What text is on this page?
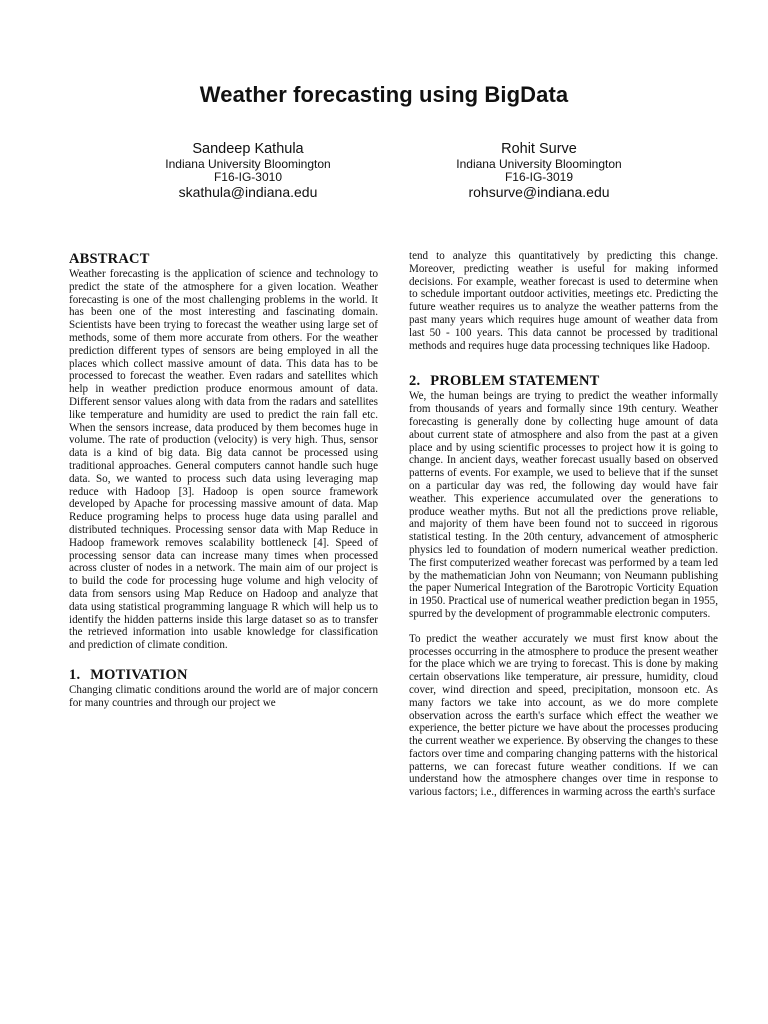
Weather forecasting using BigData
Sandeep Kathula
Indiana University Bloomington
F16-IG-3010
skathula@indiana.edu
Rohit Surve
Indiana University Bloomington
F16-IG-3019
rohsurve@indiana.edu
ABSTRACT

Weather forecasting is the application of science and technology to predict the state of the atmosphere for a given location. Weather forecasting is one of the most challenging problems in the world. It has been one of the most interesting and fascinating domain. Scientists have been trying to forecast the weather using large set of methods, some of them more accurate from others. For the weather prediction different types of sensors are being employed in all the places which collect massive amount of data. This data has to be processed to forecast the weather. Even radars and satellites which help in weather prediction produce enormous amount of data. Different sensor values along with data from the radars and satellites like temperature and humidity are used to predict the rain fall etc. When the sensors increase, data produced by them becomes huge in volume. The rate of production (velocity) is very high. Thus, sensor data is a kind of big data. Big data cannot be processed using traditional approaches. General computers cannot handle such huge data. So, we wanted to process such data using leveraging map reduce with Hadoop [3]. Hadoop is open source framework developed by Apache for processing massive amount of data. Map Reduce programing helps to process huge data using parallel and distributed techniques. Processing sensor data with Map Reduce in Hadoop framework removes scalability bottleneck [4]. Speed of processing sensor data can increase many times when processed across cluster of nodes in a network. The main aim of our project is to build the code for processing huge volume and high velocity of data from sensors using Map Reduce on Hadoop and analyze that data using statistical programming language R which will help us to identify the hidden patterns inside this large dataset so as to transfer the retrieved information into usable knowledge for classification and prediction of climate condition.

1. MOTIVATION

Changing climatic conditions around the world are of major concern for many countries and through our project we

tend to analyze this quantitatively by predicting this change. Moreover, predicting weather is useful for making informed decisions. For example, weather forecast is used to determine when to schedule important outdoor activities, meetings etc. Predicting the future weather requires us to analyze the weather patterns from the past many years which requires huge amount of weather data from last 50 - 100 years. This data cannot be processed by traditional methods and requires huge data processing techniques like Hadoop.

2. PROBLEM STATEMENT

We, the human beings are trying to predict the weather informally from thousands of years and formally since 19th century. Weather forecasting is generally done by collecting huge amount of data about current state of atmosphere and also from the past at a given place and by using scientific processes to project how it is going to change. In ancient days, weather forecast usually based on observed patterns of events. For example, we used to believe that if the sunset on a particular day was red, the following day would have fair weather. This experience accumulated over the generations to produce weather myths. But not all the predictions prove reliable, and majority of them have been found not to succeed in rigorous statistical testing. In the 20th century, advancement of atmospheric physics led to foundation of modern numerical weather prediction. The first computerized weather forecast was performed by a team led by the mathematician John von Neumann; von Neumann publishing the paper Numerical Integration of the Barotropic Vorticity Equation in 1950. Practical use of numerical weather prediction began in 1955, spurred by the development of programmable electronic computers.

To predict the weather accurately we must first know about the processes occurring in the atmosphere to produce the present weather for the place which we are trying to forecast. This is done by making certain observations like temperature, air pressure, humidity, cloud cover, wind direction and speed, precipitation, monsoon etc. As many factors we take into account, as we do more complete observation across the earth's surface which effect the weather we experience, the better picture we have about the processes producing the current weather we experience. By observing the changes to these factors over time and comparing changing patterns with the historical patterns, we can forecast future weather conditions. If we can understand how the atmosphere changes over time in response to various factors; i.e., differences in warming across the earth's surface
